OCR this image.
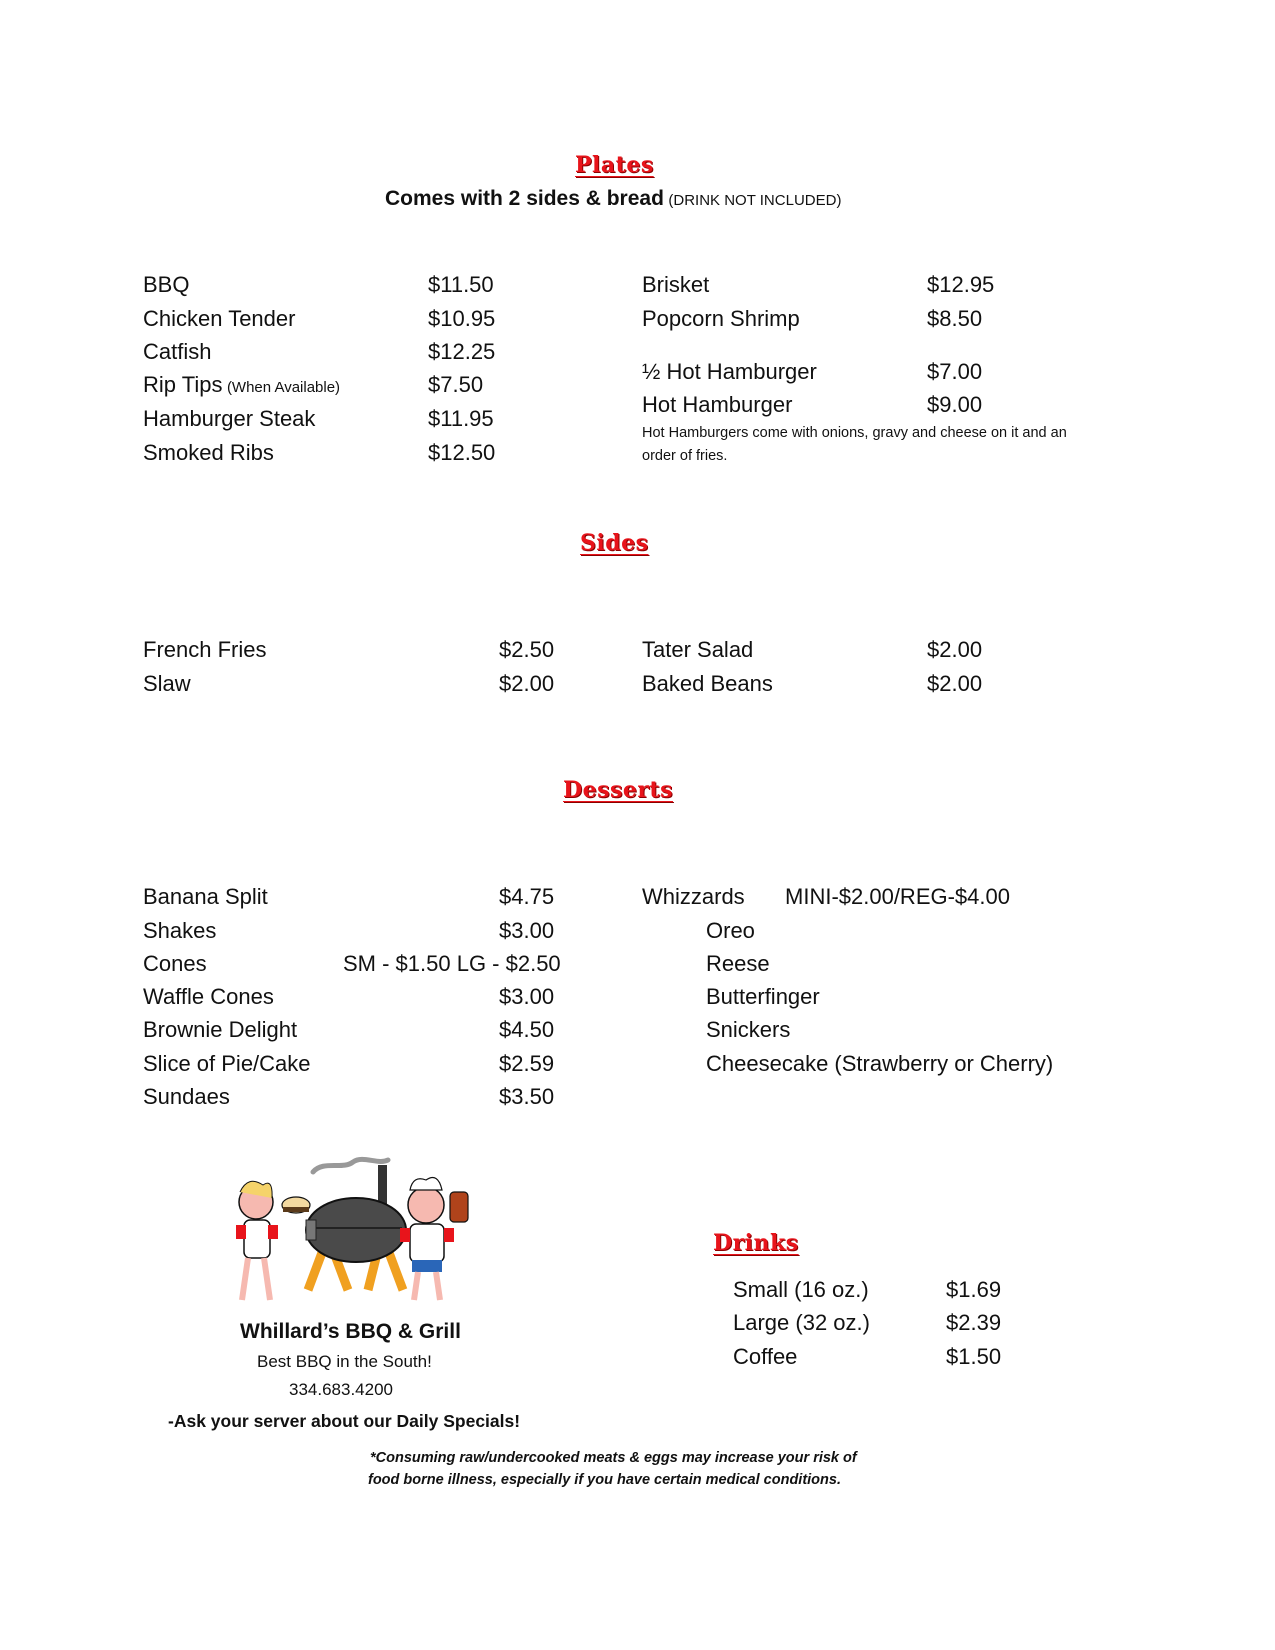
Plates
Comes with 2 sides & bread (DRINK NOT INCLUDED)
BBQ	$11.50
Chicken Tender	$10.95
Catfish	$12.25
Rip Tips (When Available)	$7.50
Hamburger Steak	$11.95
Smoked Ribs	$12.50
Brisket	$12.95
Popcorn Shrimp	$8.50
½ Hot Hamburger	$7.00
Hot Hamburger	$9.00
Hot Hamburgers come with onions, gravy and cheese on it and an order of fries.
Sides
French Fries	$2.50
Slaw	$2.00
Tater Salad	$2.00
Baked Beans	$2.00
Desserts
Banana Split	$4.75
Shakes	$3.00
Cones	SM - $1.50 LG - $2.50
Waffle Cones	$3.00
Brownie Delight	$4.50
Slice of Pie/Cake	$2.59
Sundaes	$3.50
Whizzards MINI-$2.00/REG-$4.00
Oreo
Reese
Butterfinger
Snickers
Cheesecake (Strawberry or Cherry)
Whillard’s BBQ & Grill
Best BBQ in the South!
334.683.4200
-Ask your server about our Daily Specials!
Drinks
Small (16 oz.)	$1.69
Large (32 oz.)	$2.39
Coffee	$1.50
*Consuming raw/undercooked meats & eggs may increase your risk of
food borne illness, especially if you have certain medical conditions.
